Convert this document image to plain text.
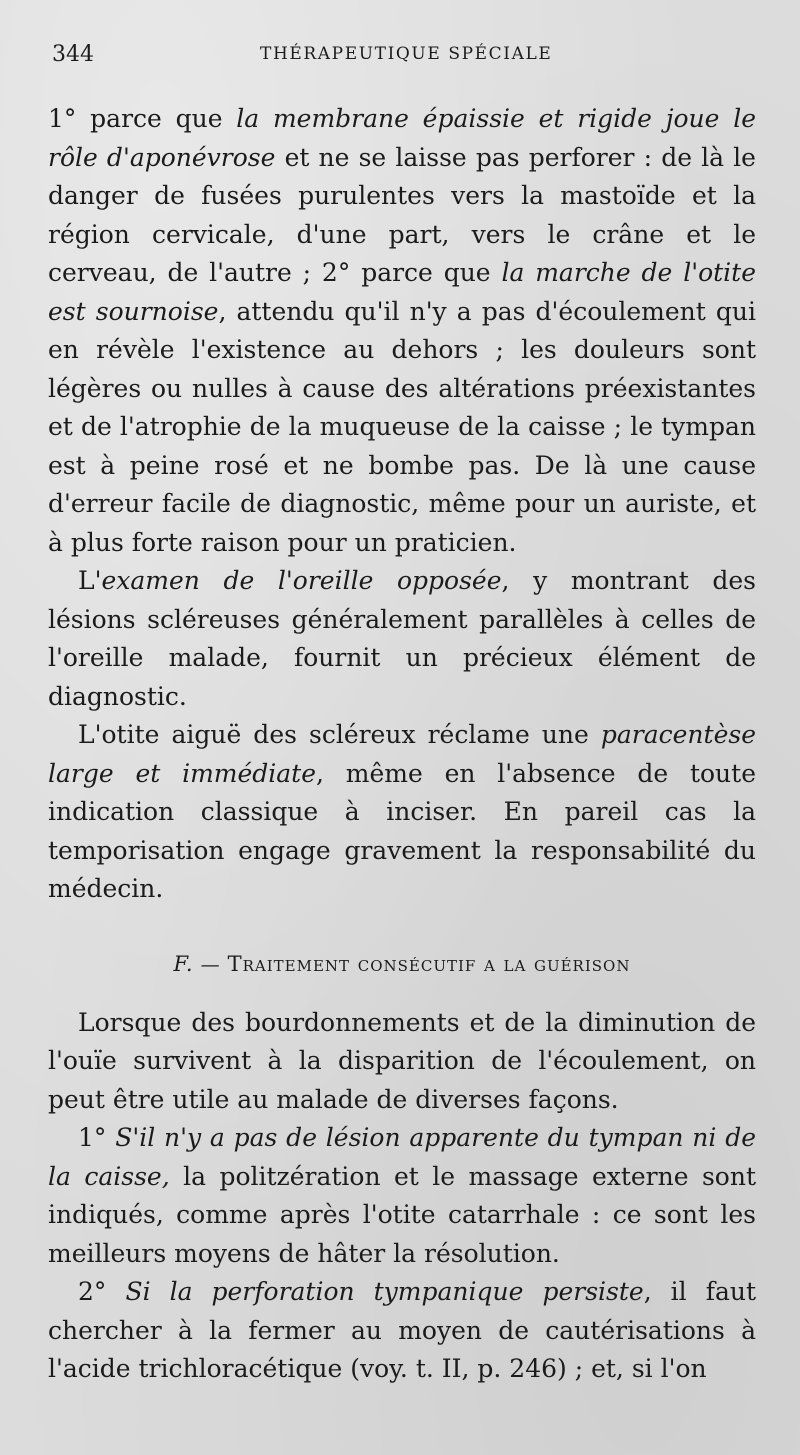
344	THÉRAPEUTIQUE SPÉCIALE

1° parce que la membrane épaissie et rigide joue le rôle d'aponévrose et ne se laisse pas perforer : de là le danger de fusées purulentes vers la mastoïde et la région cervicale, d'une part, vers le crâne et le cerveau, de l'autre ; 2° parce que la marche de l'otite est sournoise, attendu qu'il n'y a pas d'écoulement qui en révèle l'existence au dehors ; les douleurs sont légères ou nulles à cause des altérations préexistantes et de l'atrophie de la muqueuse de la caisse ; le tympan est à peine rosé et ne bombe pas. De là une cause d'erreur facile de diagnostic, même pour un auriste, et à plus forte raison pour un praticien.

L'examen de l'oreille opposée, y montrant des lésions scléreuses généralement parallèles à celles de l'oreille malade, fournit un précieux élément de diagnostic.

L'otite aiguë des scléreux réclame une paracentèse large et immédiate, même en l'absence de toute indication classique à inciser. En pareil cas la temporisation engage gravement la responsabilité du médecin.

F. — Traitement consécutif a la guérison

Lorsque des bourdonnements et de la diminution de l'ouïe survivent à la disparition de l'écoulement, on peut être utile au malade de diverses façons.

1° S'il n'y a pas de lésion apparente du tympan ni de la caisse, la politzération et le massage externe sont indiqués, comme après l'otite catarrhale : ce sont les meilleurs moyens de hâter la résolution.

2° Si la perforation tympanique persiste, il faut chercher à la fermer au moyen de cautérisations à l'acide trichloracétique (voy. t. II, p. 246) ; et, si l'on
